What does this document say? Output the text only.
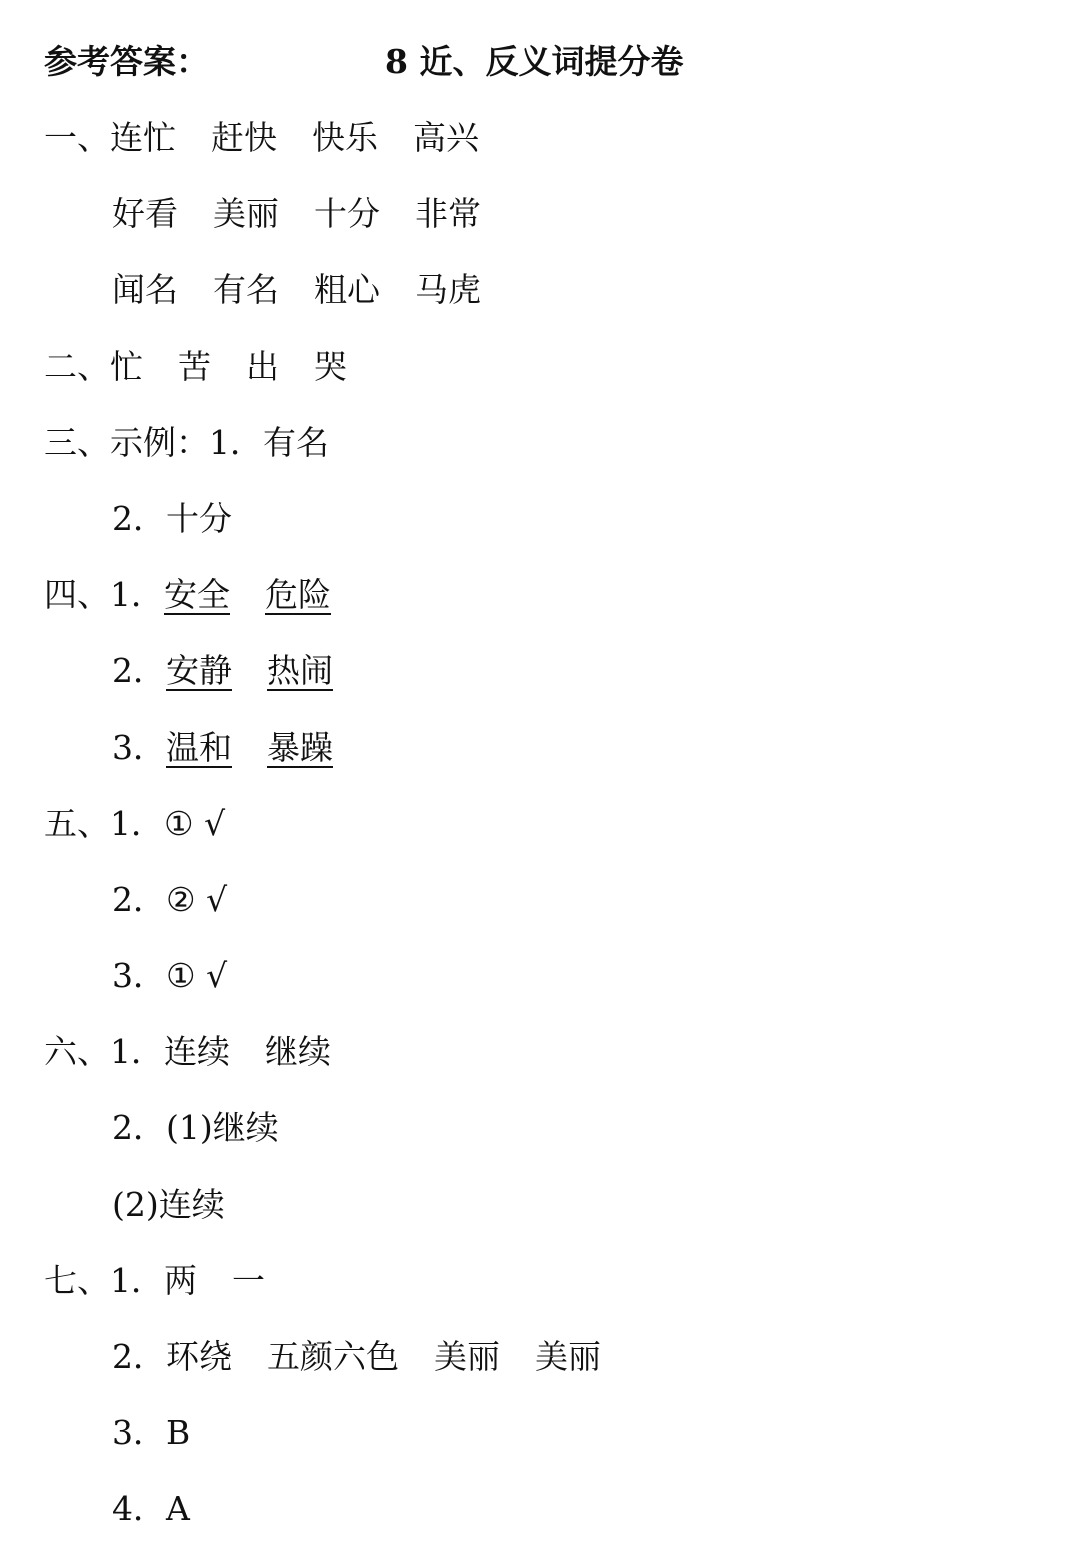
参考答案：	8 近、反义词提分卷
一、连忙 赶快 快乐 高兴
好看 美丽 十分 非常
闻名 有名 粗心 马虎
二、忙 苦 出 哭
三、示例：1．有名
2．十分
四、1．安全 危险
2．安静 热闹
3．温和 暴躁
五、1．① √
2．② √
3．① √
六、1．连续 继续
2．(1)继续
(2)连续
七、1．两 一
2．环绕 五颜六色 美丽 美丽
3．B
4．A
